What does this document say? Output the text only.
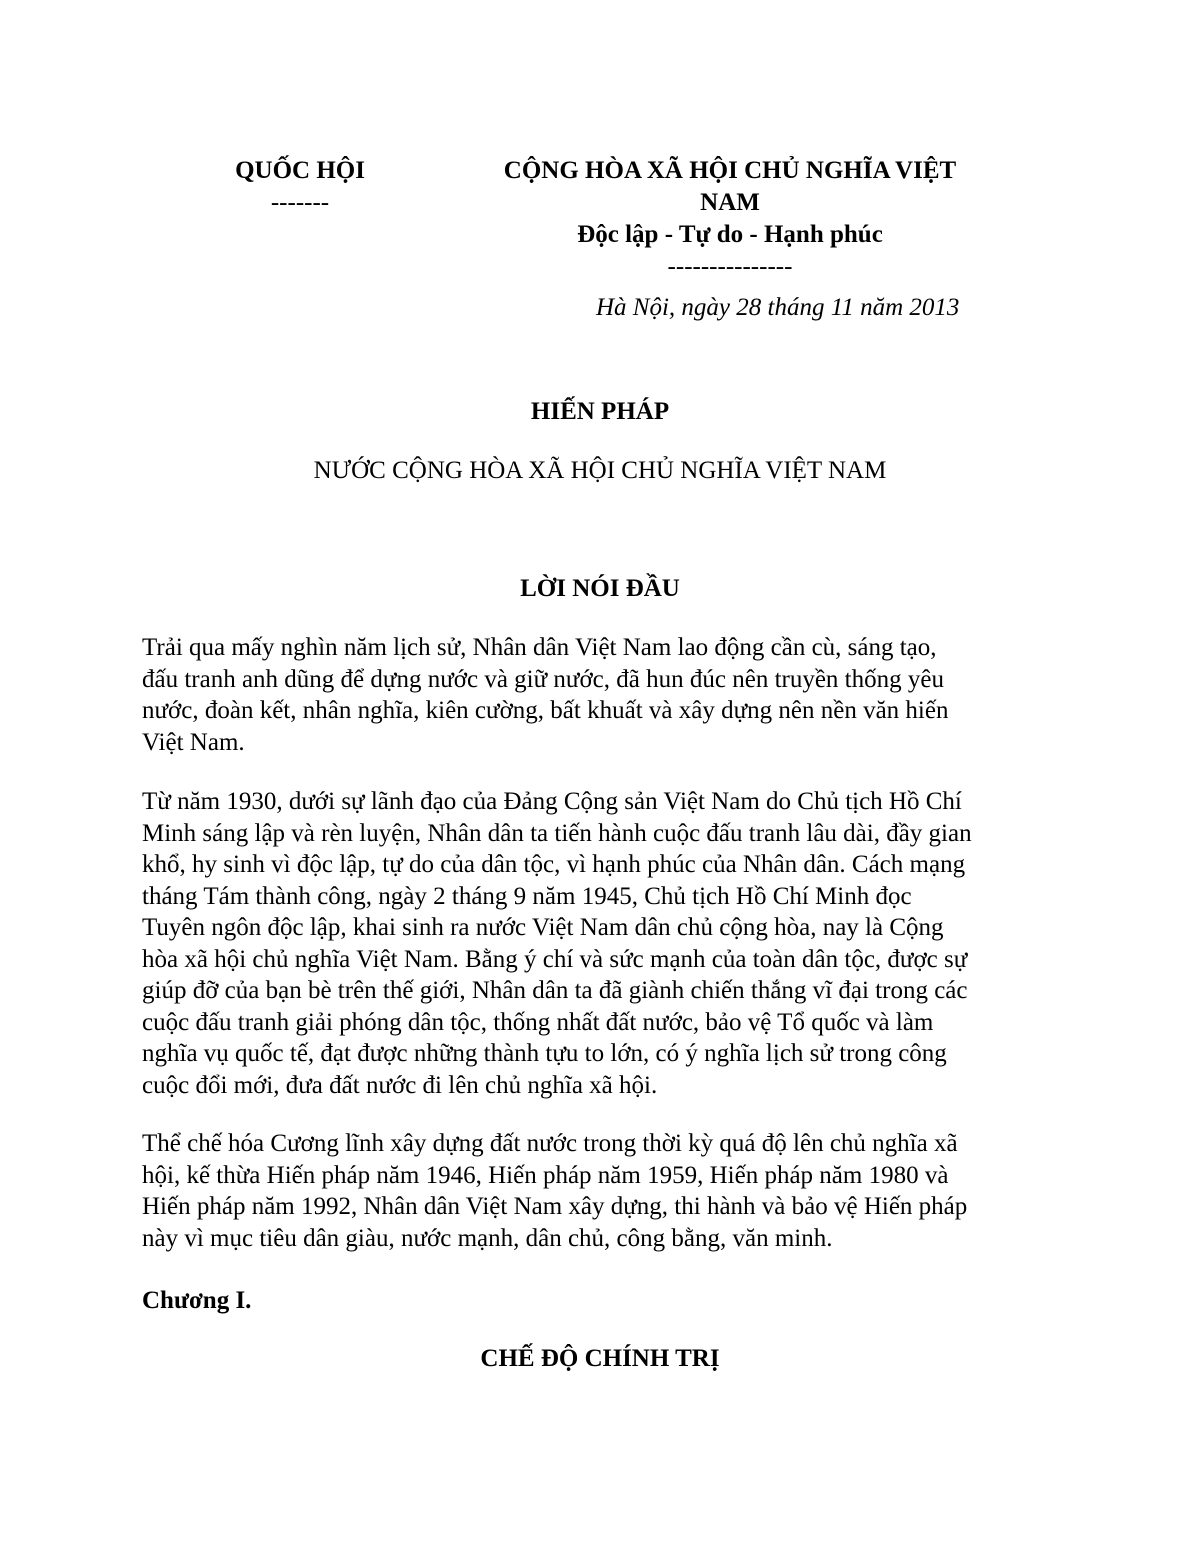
QUỐC HỘI
-------
CỘNG HÒA XÃ HỘI CHỦ NGHĨA VIỆT
NAM
Độc lập - Tự do - Hạnh phúc
---------------
Hà Nội, ngày 28 tháng 11 năm 2013
HIẾN PHÁP
NƯỚC CỘNG HÒA XÃ HỘI CHỦ NGHĨA VIỆT NAM
LỜI NÓI ĐẦU
Trải qua mấy nghìn năm lịch sử, Nhân dân Việt Nam lao động cần cù, sáng tạo,
đấu tranh anh dũng để dựng nước và giữ nước, đã hun đúc nên truyền thống yêu
nước, đoàn kết, nhân nghĩa, kiên cường, bất khuất và xây dựng nên nền văn hiến
Việt Nam.
Từ năm 1930, dưới sự lãnh đạo của Đảng Cộng sản Việt Nam do Chủ tịch Hồ Chí
Minh sáng lập và rèn luyện, Nhân dân ta tiến hành cuộc đấu tranh lâu dài, đầy gian
khổ, hy sinh vì độc lập, tự do của dân tộc, vì hạnh phúc của Nhân dân. Cách mạng
tháng Tám thành công, ngày 2 tháng 9 năm 1945, Chủ tịch Hồ Chí Minh đọc
Tuyên ngôn độc lập, khai sinh ra nước Việt Nam dân chủ cộng hòa, nay là Cộng
hòa xã hội chủ nghĩa Việt Nam. Bằng ý chí và sức mạnh của toàn dân tộc, được sự
giúp đỡ của bạn bè trên thế giới, Nhân dân ta đã giành chiến thắng vĩ đại trong các
cuộc đấu tranh giải phóng dân tộc, thống nhất đất nước, bảo vệ Tổ quốc và làm
nghĩa vụ quốc tế, đạt được những thành tựu to lớn, có ý nghĩa lịch sử trong công
cuộc đổi mới, đưa đất nước đi lên chủ nghĩa xã hội.
Thể chế hóa Cương lĩnh xây dựng đất nước trong thời kỳ quá độ lên chủ nghĩa xã
hội, kế thừa Hiến pháp năm 1946, Hiến pháp năm 1959, Hiến pháp năm 1980 và
Hiến pháp năm 1992, Nhân dân Việt Nam xây dựng, thi hành và bảo vệ Hiến pháp
này vì mục tiêu dân giàu, nước mạnh, dân chủ, công bằng, văn minh.
Chương I.
CHẾ ĐỘ CHÍNH TRỊ
